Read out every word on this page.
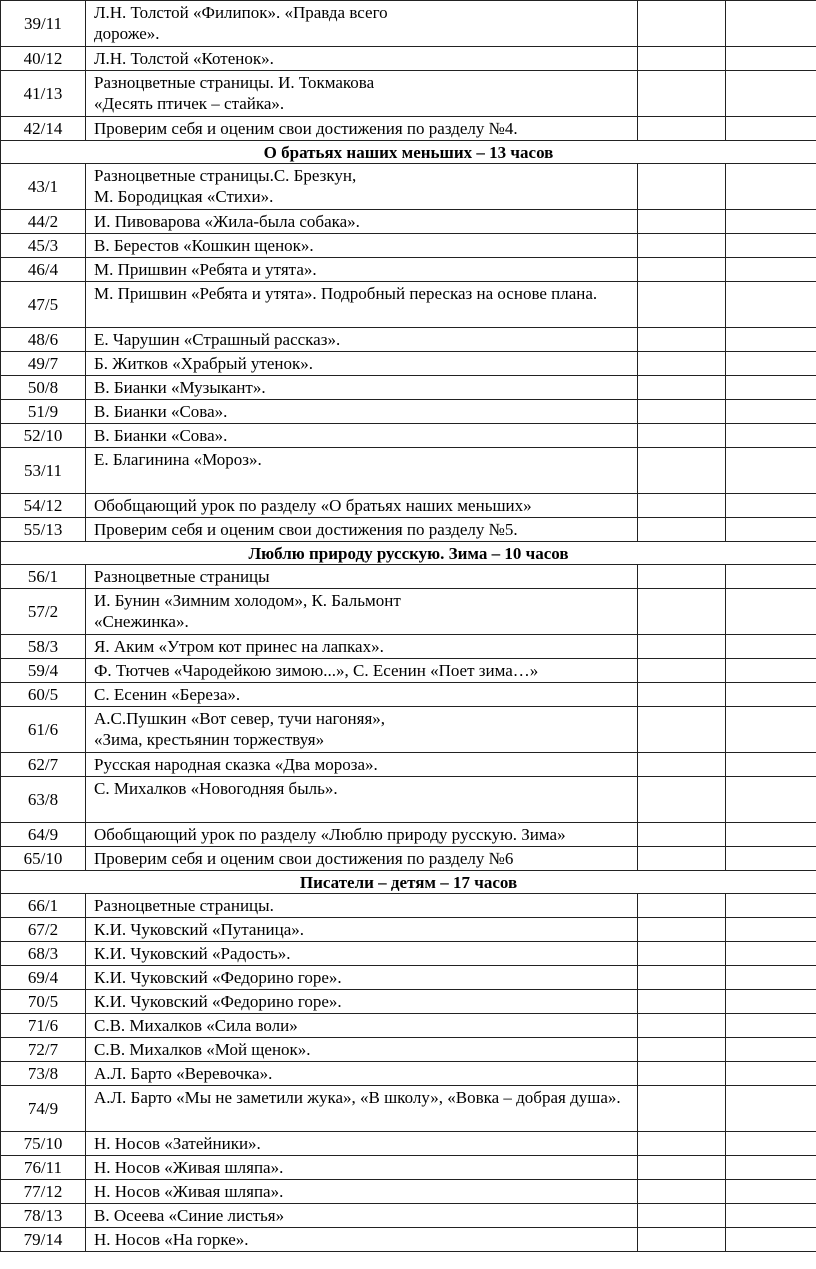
39/11	Л.Н. Толстой «Филипок». «Правда всего
дороже».		

40/12	Л.Н. Толстой «Котенок».		

41/13	Разноцветные страницы. И. Токмакова
«Десять птичек – стайка».		

42/14	Проверим себя и оценим свои достижения по разделу №4.		

О братьях наших меньших – 13 часов			
43/1	Разноцветные страницы.С. Брезкун,
М. Бородицкая «Стихи».		

44/2	И. Пивоварова «Жила-была собака».		

45/3	В. Берестов «Кошкин щенок».		

46/4	М. Пришвин «Ребята и утята».		

47/5	М. Пришвин «Ребята и утята». Подробный пересказ на основе плана.		

48/6	Е. Чарушин «Страшный рассказ».		

49/7	Б. Житков «Храбрый утенок».		

50/8	В. Бианки «Музыкант».		

51/9	В. Бианки «Сова».		

52/10	В. Бианки «Сова».		

53/11	Е. Благинина «Мороз».		

54/12	Обобщающий урок по разделу «О братьях наших меньших»		

55/13	Проверим себя и оценим свои достижения по разделу №5.		

Люблю природу русскую. Зима – 10 часов			
56/1	Разноцветные страницы		

57/2	И. Бунин «Зимним холодом», К. Бальмонт
«Снежинка».		

58/3	Я. Аким «Утром кот принес на лапках».		

59/4	Ф. Тютчев «Чародейкою зимою...», С. Есенин «Поет зима…»		

60/5	С. Есенин «Береза».		

61/6	А.С.Пушкин «Вот север, тучи нагоняя»,
«Зима, крестьянин торжествуя»		

62/7	Русская народная сказка «Два мороза».		

63/8	С. Михалков «Новогодняя быль».		

64/9	Обобщающий урок по разделу «Люблю природу русскую. Зима»		

65/10	Проверим себя и оценим свои достижения по разделу №6		

Писатели – детям – 17 часов			
66/1	Разноцветные страницы.		

67/2	К.И. Чуковский «Путаница».		

68/3	К.И. Чуковский «Радость».		

69/4	К.И. Чуковский «Федорино горе».		

70/5	К.И. Чуковский «Федорино горе».		

71/6	С.В. Михалков «Сила воли»		

72/7	С.В. Михалков «Мой щенок».		

73/8	А.Л. Барто «Веревочка».		

74/9	А.Л. Барто «Мы не заметили жука», «В школу», «Вовка – добрая душа».		

75/10	Н. Носов «Затейники».		

76/11	Н. Носов «Живая шляпа».		

77/12	Н. Носов «Живая шляпа».		

78/13	В. Осеева «Синие листья»		

79/14	Н. Носов «На горке».		
